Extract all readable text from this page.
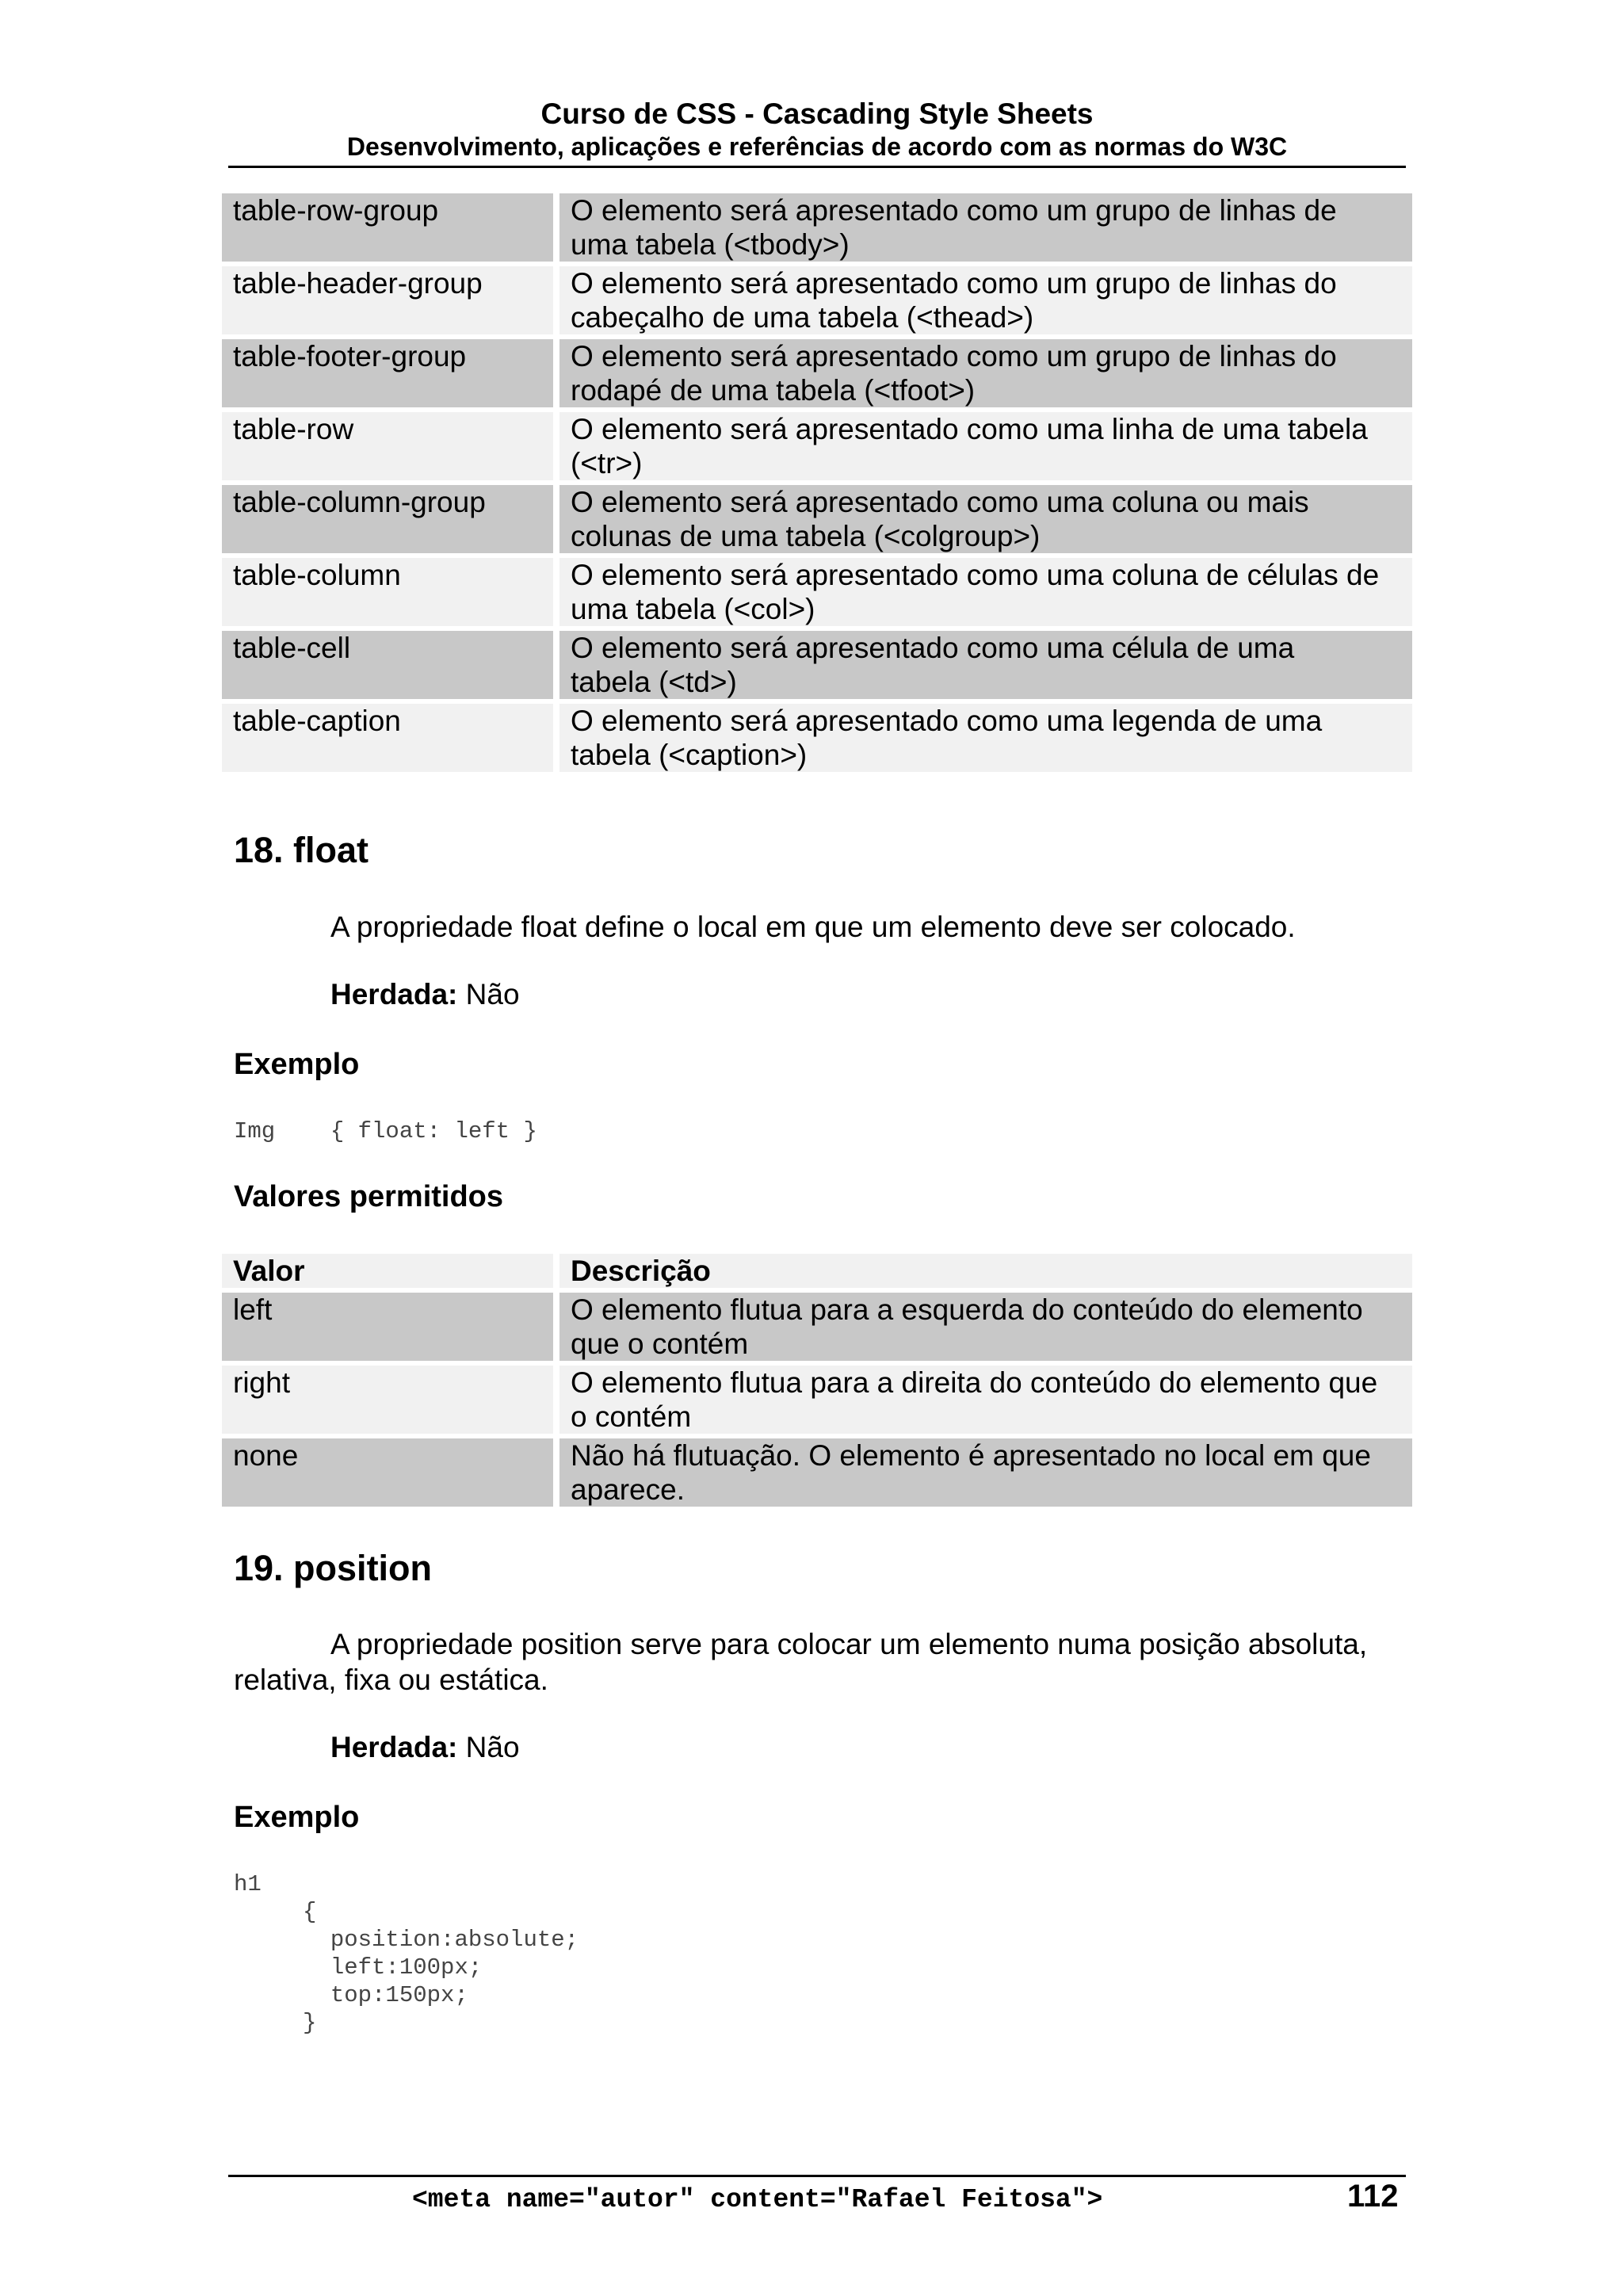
Curso de CSS - Cascading Style Sheets
Desenvolvimento, aplicações e referências de acordo com as normas do W3C
table-row-group	O elemento será apresentado como um grupo de linhas de
uma tabela (<tbody>)

table-header-group	O elemento será apresentado como um grupo de linhas do
cabeçalho de uma tabela (<thead>)

table-footer-group	O elemento será apresentado como um grupo de linhas do
rodapé de uma tabela (<tfoot>)

table-row	O elemento será apresentado como uma linha de uma tabela
(<tr>)

table-column-group	O elemento será apresentado como uma coluna ou mais
colunas de uma tabela (<colgroup>)

table-column	O elemento será apresentado como uma coluna de células de
uma tabela (<col>)

table-cell	O elemento será apresentado como uma célula de uma
tabela (<td>)

table-caption	O elemento será apresentado como uma legenda de uma
tabela (<caption>)
18. float
A propriedade float define o local em que um elemento deve ser colocado.
Herdada: Não
Exemplo
Img    { float: left }
Valores permitidos
Valor	Descrição
left	O elemento flutua para a esquerda do conteúdo do elemento
que o contém

right	O elemento flutua para a direita do conteúdo do elemento que
o contém

none	Não há flutuação. O elemento é apresentado no local em que
aparece.
19. position
A propriedade position serve para colocar um elemento numa posição absoluta, relativa, fixa ou estática.
Herdada: Não
Exemplo
h1
{
position:absolute;
left:100px;
top:150px;
}
<meta name="autor" content="Rafael Feitosa">	112
